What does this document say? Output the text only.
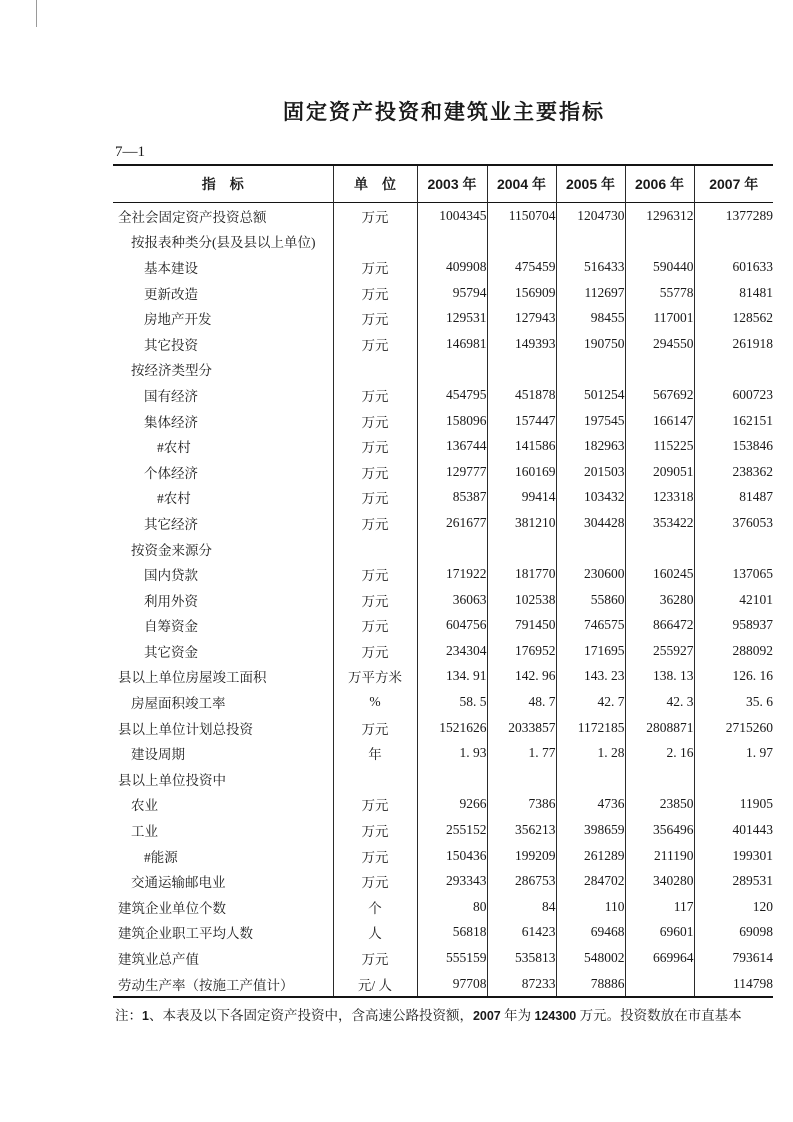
固定资产投资和建筑业主要指标
7—1
指　标	单　位	2003 年	2004 年	2005 年	2006 年	2007 年
全社会固定资产投资总额	万元	1004345	1150704	1204730	1296312	1377289
按报表种类分(县及县以上单位)						
基本建设	万元	409908	475459	516433	590440	601633
更新改造	万元	95794	156909	112697	55778	81481
房地产开发	万元	129531	127943	98455	117001	128562
其它投资	万元	146981	149393	190750	294550	261918
按经济类型分						
国有经济	万元	454795	451878	501254	567692	600723
集体经济	万元	158096	157447	197545	166147	162151
#农村	万元	136744	141586	182963	115225	153846
个体经济	万元	129777	160169	201503	209051	238362
#农村	万元	85387	99414	103432	123318	81487
其它经济	万元	261677	381210	304428	353422	376053
按资金来源分						
国内贷款	万元	171922	181770	230600	160245	137065
利用外资	万元	36063	102538	55860	36280	42101
自筹资金	万元	604756	791450	746575	866472	958937
其它资金	万元	234304	176952	171695	255927	288092
县以上单位房屋竣工面积	万平方米	134. 91	142. 96	143. 23	138. 13	126. 16
房屋面积竣工率	%	58. 5	48. 7	42. 7	42. 3	35. 6
县以上单位计划总投资	万元	1521626	2033857	1172185	2808871	2715260
建设周期	年	1. 93	1. 77	1. 28	2. 16	1. 97
县以上单位投资中						
农业	万元	9266	7386	4736	23850	11905
工业	万元	255152	356213	398659	356496	401443
#能源	万元	150436	199209	261289	211190	199301
交通运输邮电业	万元	293343	286753	284702	340280	289531
建筑企业单位个数	个	80	84	110	117	120
建筑企业职工平均人数	人	56818	61423	69468	69601	69098
建筑业总产值	万元	555159	535813	548002	669964	793614
劳动生产率（按施工产值计）	元/ 人	97708	87233	78886		114798
注：1、本表及以下各固定资产投资中，含高速公路投资额，2007 年为 124300 万元。投资数放在市直基本
